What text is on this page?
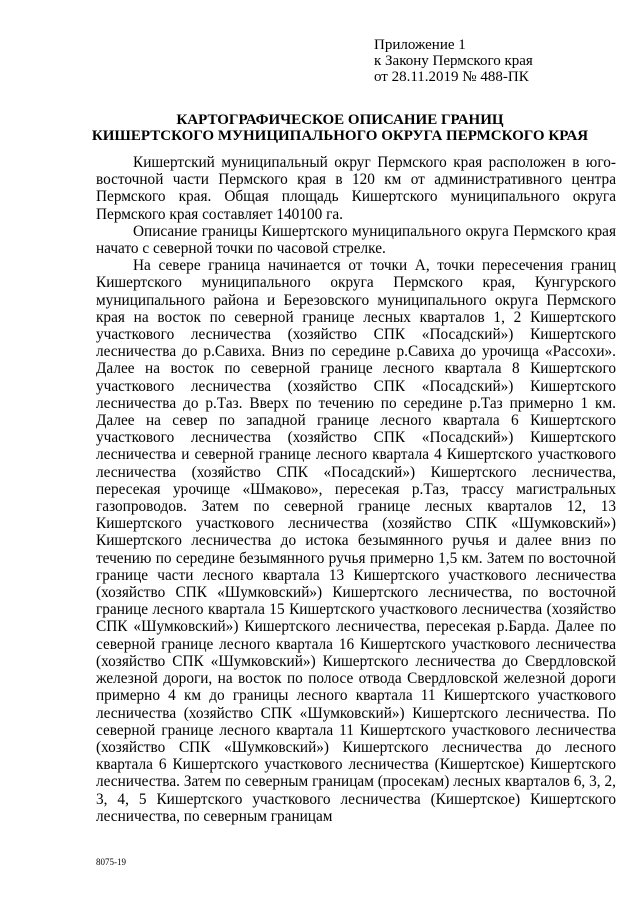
Приложение 1
к Закону Пермского края
от 28.11.2019 № 488-ПК
КАРТОГРАФИЧЕСКОЕ ОПИСАНИЕ ГРАНИЦ
КИШЕРТСКОГО МУНИЦИПАЛЬНОГО ОКРУГА ПЕРМСКОГО КРАЯ

Кишертский муниципальный округ Пермского края расположен в юго-восточной части Пермского края в 120 км от административного центра Пермского края. Общая площадь Кишертского муниципального округа Пермского края составляет 140100 га.

Описание границы Кишертского муниципального округа Пермского края начато с северной точки по часовой стрелке.

На севере граница начинается от точки А, точки пересечения границ Кишертского муниципального округа Пермского края, Кунгурского муниципального района и Березовского муниципального округа Пермского края на восток по северной границе лесных кварталов 1, 2 Кишертского участкового лесничества (хозяйство СПК «Посадский») Кишертского лесничества до р.Савиха. Вниз по середине р.Савиха до урочища «Рассохи». Далее на восток по северной границе лесного квартала 8 Кишертского участкового лесничества (хозяйство СПК «Посадский») Кишертского лесничества до р.Таз. Вверх по течению по середине р.Таз примерно 1 км. Далее на север по западной границе лесного квартала 6 Кишертского участкового лесничества (хозяйство СПК «Посадский») Кишертского лесничества и северной границе лесного квартала 4 Кишертского участкового лесничества (хозяйство СПК «Посадский») Кишертского лесничества, пересекая урочище «Шмаково», пересекая р.Таз, трассу магистральных газопроводов. Затем по северной границе лесных кварталов 12, 13 Кишертского участкового лесничества (хозяйство СПК «Шумковский») Кишертского лесничества до истока безымянного ручья и далее вниз по течению по середине безымянного ручья примерно 1,5 км. Затем по восточной границе части лесного квартала 13 Кишертского участкового лесничества (хозяйство СПК «Шумковский») Кишертского лесничества, по восточной границе лесного квартала 15 Кишертского участкового лесничества (хозяйство СПК «Шумковский») Кишертского лесничества, пересекая р.Барда. Далее по северной границе лесного квартала 16 Кишертского участкового лесничества (хозяйство СПК «Шумковский») Кишертского лесничества до Свердловской железной дороги, на восток по полосе отвода Свердловской железной дороги примерно 4 км до границы лесного квартала 11 Кишертского участкового лесничества (хозяйство СПК «Шумковский») Кишертского лесничества. По северной границе лесного квартала 11 Кишертского участкового лесничества (хозяйство СПК «Шумковский») Кишертского лесничества до лесного квартала 6 Кишертского участкового лесничества (Кишертское) Кишертского лесничества. Затем по северным границам (просекам) лесных кварталов 6, 3, 2, 3, 4, 5 Кишертского участкового лесничества (Кишертское) Кишертского лесничества, по северным границам

8075-19
